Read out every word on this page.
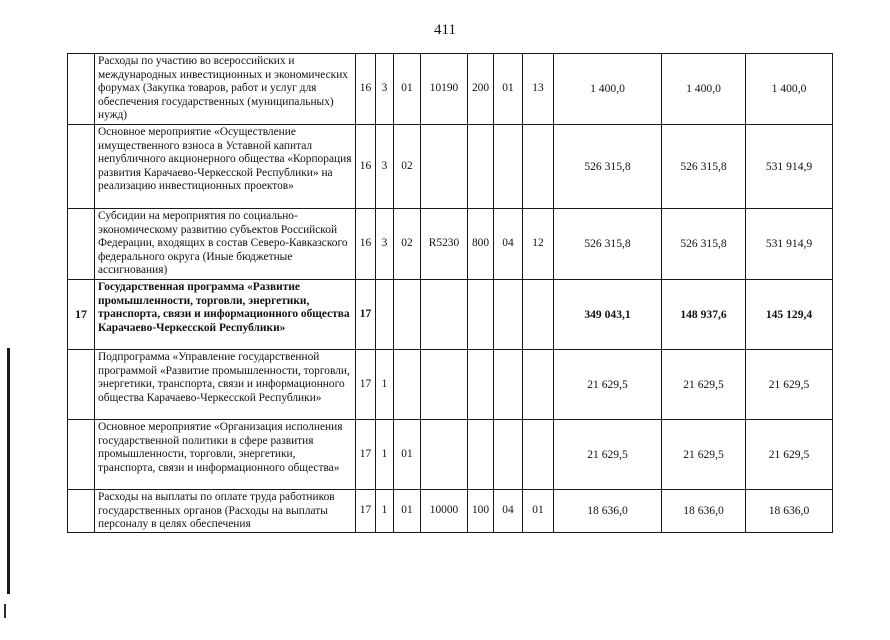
411
	Расходы по участию во всероссийских и международных инвестиционных и экономических форумах (Закупка товаров, работ и услуг для обеспечения государственных (муниципальных) нужд)	16	3	01	10190	200	01	13	1 400,0	1 400,0	1 400,0
	Основное мероприятие «Осуществление имущественного взноса в Уставной капитал непубличного акционерного общества «Корпорация развития Карачаево-Черкесской Республики» на реализацию инвестиционных проектов»	16	3	02					526 315,8	526 315,8	531 914,9
	Субсидии на мероприятия по социально-экономическому развитию субъектов Российской Федерации, входящих в состав Северо-Кавказского федерального округа (Иные бюджетные ассигнования)	16	3	02	R5230	800	04	12	526 315,8	526 315,8	531 914,9
17	Государственная программа «Развитие промышленности, торговли, энергетики, транспорта, связи и информационного общества Карачаево-Черкесской Республики»	17							349 043,1	148 937,6	145 129,4
	Подпрограмма «Управление государственной программой «Развитие промышленности, торговли, энергетики, транспорта, связи и информационного общества Карачаево-Черкесской Республики»	17	1						21 629,5	21 629,5	21 629,5
	Основное мероприятие «Организация исполнения государственной политики в сфере развития промышленности, торговли, энергетики, транспорта, связи и информационного общества»	17	1	01					21 629,5	21 629,5	21 629,5
	Расходы на выплаты по оплате труда работников государственных органов (Расходы на выплаты персоналу в целях обеспечения	17	1	01	10000	100	04	01	18 636,0	18 636,0	18 636,0
